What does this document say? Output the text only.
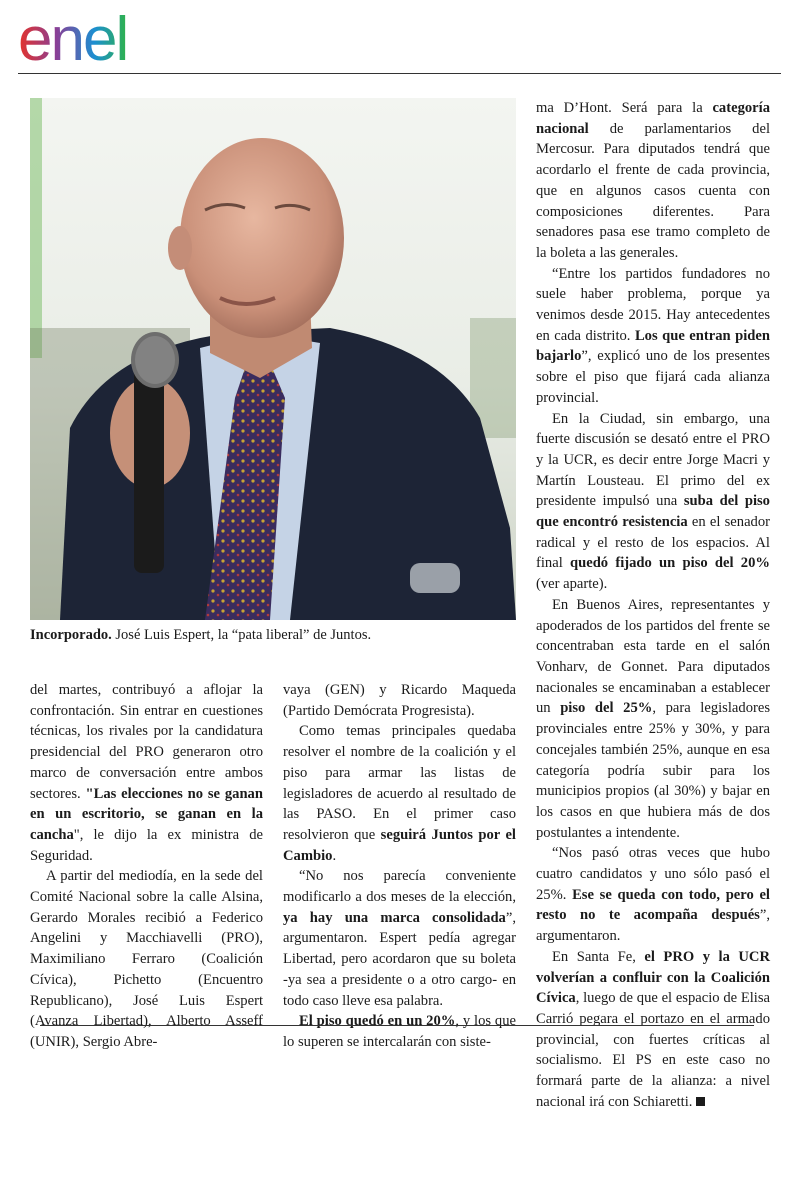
enel
Incorporado. José Luis Espert, la “pata liberal” de Juntos.

del martes, contribuyó a aflojar la confrontación. Sin entrar en cuestiones técnicas, los rivales por la candidatura presidencial del PRO generaron otro marco de conversación entre ambos sectores. "Las elecciones no se ganan en un escritorio, se ganan en la cancha", le dijo la ex ministra de Seguridad.

A partir del mediodía, en la sede del Comité Nacional sobre la calle Alsina, Gerardo Morales recibió a Federico Angelini y Macchiavelli (PRO), Maximiliano Ferraro (Coalición Cívica), Pichetto (Encuentro Republicano), José Luis Espert (Avanza Libertad), Alberto Asseff (UNIR), Sergio Abre-

vaya (GEN) y Ricardo Maqueda (Partido Demócrata Progresista).

Como temas principales quedaba resolver el nombre de la coalición y el piso para armar las listas de legisladores de acuerdo al resultado de las PASO. En el primer caso resolvieron que seguirá Juntos por el Cambio.

“No nos parecía conveniente modificarlo a dos meses de la elección, ya hay una marca consolidada”, argumentaron. Espert pedía agregar Libertad, pero acordaron que su boleta -ya sea a presidente o a otro cargo- en todo caso lleve esa palabra.

El piso quedó en un 20%, y los que lo superen se intercalarán con siste-

ma D’Hont. Será para la categoría nacional de parlamentarios del Mercosur. Para diputados tendrá que acordarlo el frente de cada provincia, que en algunos casos cuenta con composiciones diferentes. Para senadores pasa ese tramo completo de la boleta a las generales.

“Entre los partidos fundadores no suele haber problema, porque ya venimos desde 2015. Hay antecedentes en cada distrito. Los que entran piden bajarlo”, explicó uno de los presentes sobre el piso que fijará cada alianza provincial.

En la Ciudad, sin embargo, una fuerte discusión se desató entre el PRO y la UCR, es decir entre Jorge Macri y Martín Lousteau. El primo del ex presidente impulsó una suba del piso que encontró resistencia en el senador radical y el resto de los espacios. Al final quedó fijado un piso del 20% (ver aparte).

En Buenos Aires, representantes y apoderados de los partidos del frente se concentraban esta tarde en el salón Vonharv, de Gonnet. Para diputados nacionales se encaminaban a establecer un piso del 25%, para legisladores provinciales entre 25% y 30%, y para concejales también 25%, aunque en esa categoría podría subir para los municipios propios (al 30%) y bajar en los casos en que hubiera más de dos postulantes a intendente.

“Nos pasó otras veces que hubo cuatro candidatos y uno sólo pasó el 25%. Ese se queda con todo, pero el resto no te acompaña después”, argumentaron.

En Santa Fe, el PRO y la UCR volverían a confluir con la Coalición Cívica, luego de que el espacio de Elisa Carrió pegara el portazo en el armado provincial, con fuertes críticas al socialismo. El PS en este caso no formará parte de la alianza: a nivel nacional irá con Schiaretti.
